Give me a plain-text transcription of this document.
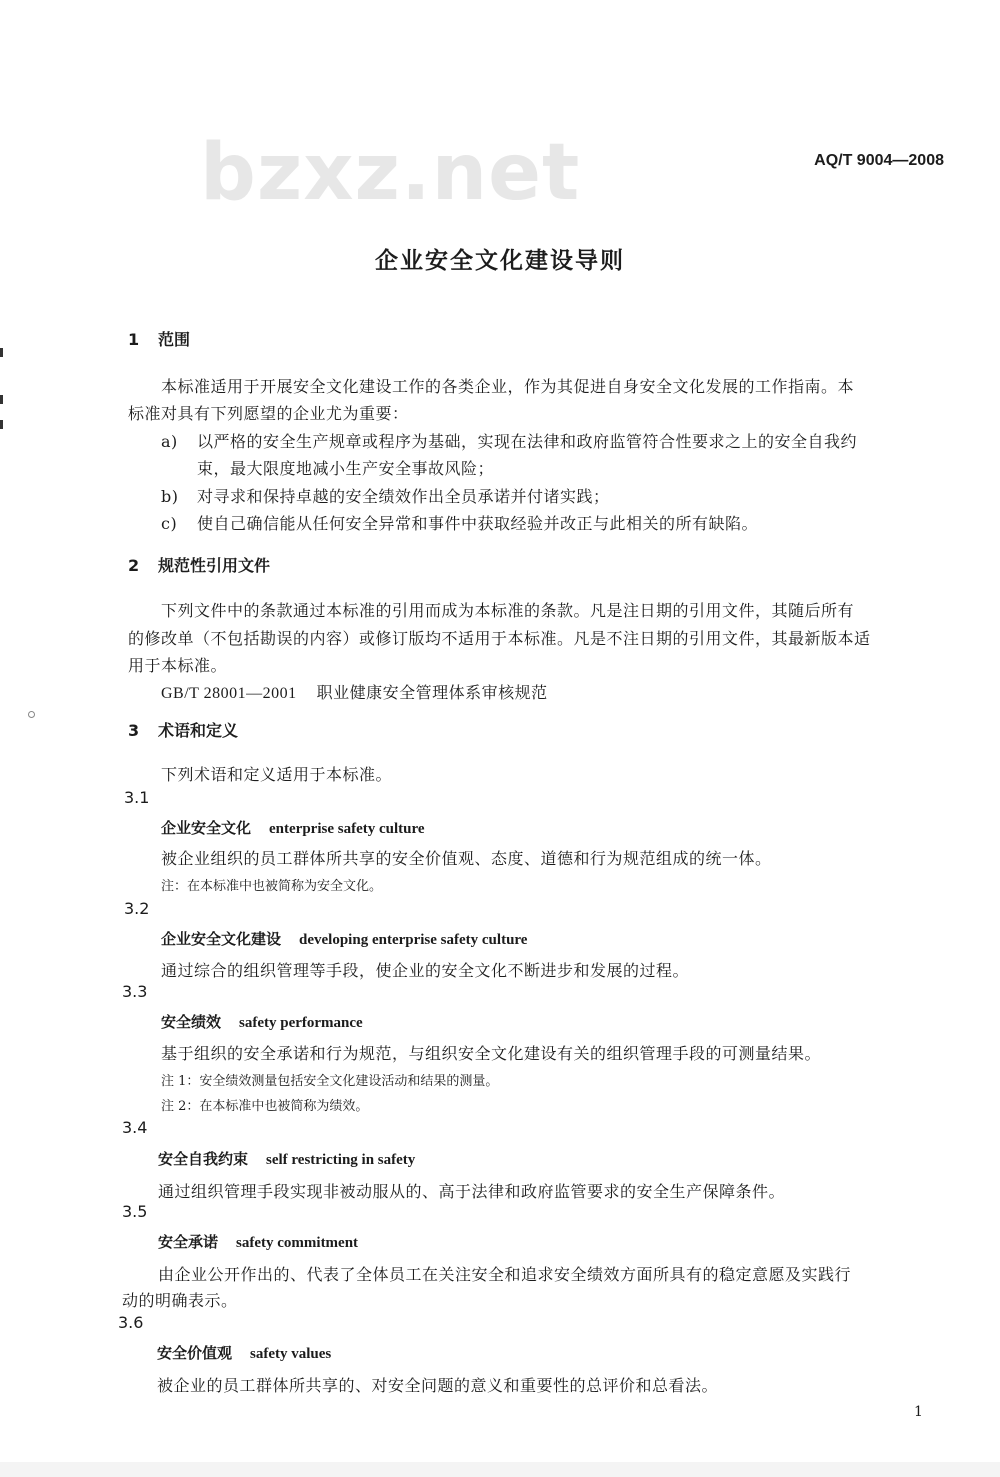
bzxz.net	AQ/T 9004—2008
企业安全文化建设导则
1 范围
本标准适用于开展安全文化建设工作的各类企业，作为其促进自身安全文化发展的工作指南。本
标准对具有下列愿望的企业尤为重要：
a) 以严格的安全生产规章或程序为基础，实现在法律和政府监管符合性要求之上的安全自我约
束，最大限度地减小生产安全事故风险；
b) 对寻求和保持卓越的安全绩效作出全员承诺并付诸实践；
c) 使自己确信能从任何安全异常和事件中获取经验并改正与此相关的所有缺陷。
2 规范性引用文件
下列文件中的条款通过本标准的引用而成为本标准的条款。凡是注日期的引用文件，其随后所有
的修改单（不包括勘误的内容）或修订版均不适用于本标准。凡是不注日期的引用文件，其最新版本适
用于本标准。
GB/T 28001—2001 职业健康安全管理体系审核规范
3 术语和定义
下列术语和定义适用于本标准。
3.1
企业安全文化 enterprise safety culture
被企业组织的员工群体所共享的安全价值观、态度、道德和行为规范组成的统一体。
注：在本标准中也被简称为安全文化。
3.2
企业安全文化建设 developing enterprise safety culture
通过综合的组织管理等手段，使企业的安全文化不断进步和发展的过程。
3.3
安全绩效 safety performance
基于组织的安全承诺和行为规范，与组织安全文化建设有关的组织管理手段的可测量结果。
注 1：安全绩效测量包括安全文化建设活动和结果的测量。
注 2：在本标准中也被简称为绩效。
3.4
安全自我约束 self restricting in safety
通过组织管理手段实现非被动服从的、高于法律和政府监管要求的安全生产保障条件。
3.5
安全承诺 safety commitment
由企业公开作出的、代表了全体员工在关注安全和追求安全绩效方面所具有的稳定意愿及实践行
动的明确表示。
3.6
安全价值观 safety values
被企业的员工群体所共享的、对安全问题的意义和重要性的总评价和总看法。
1
